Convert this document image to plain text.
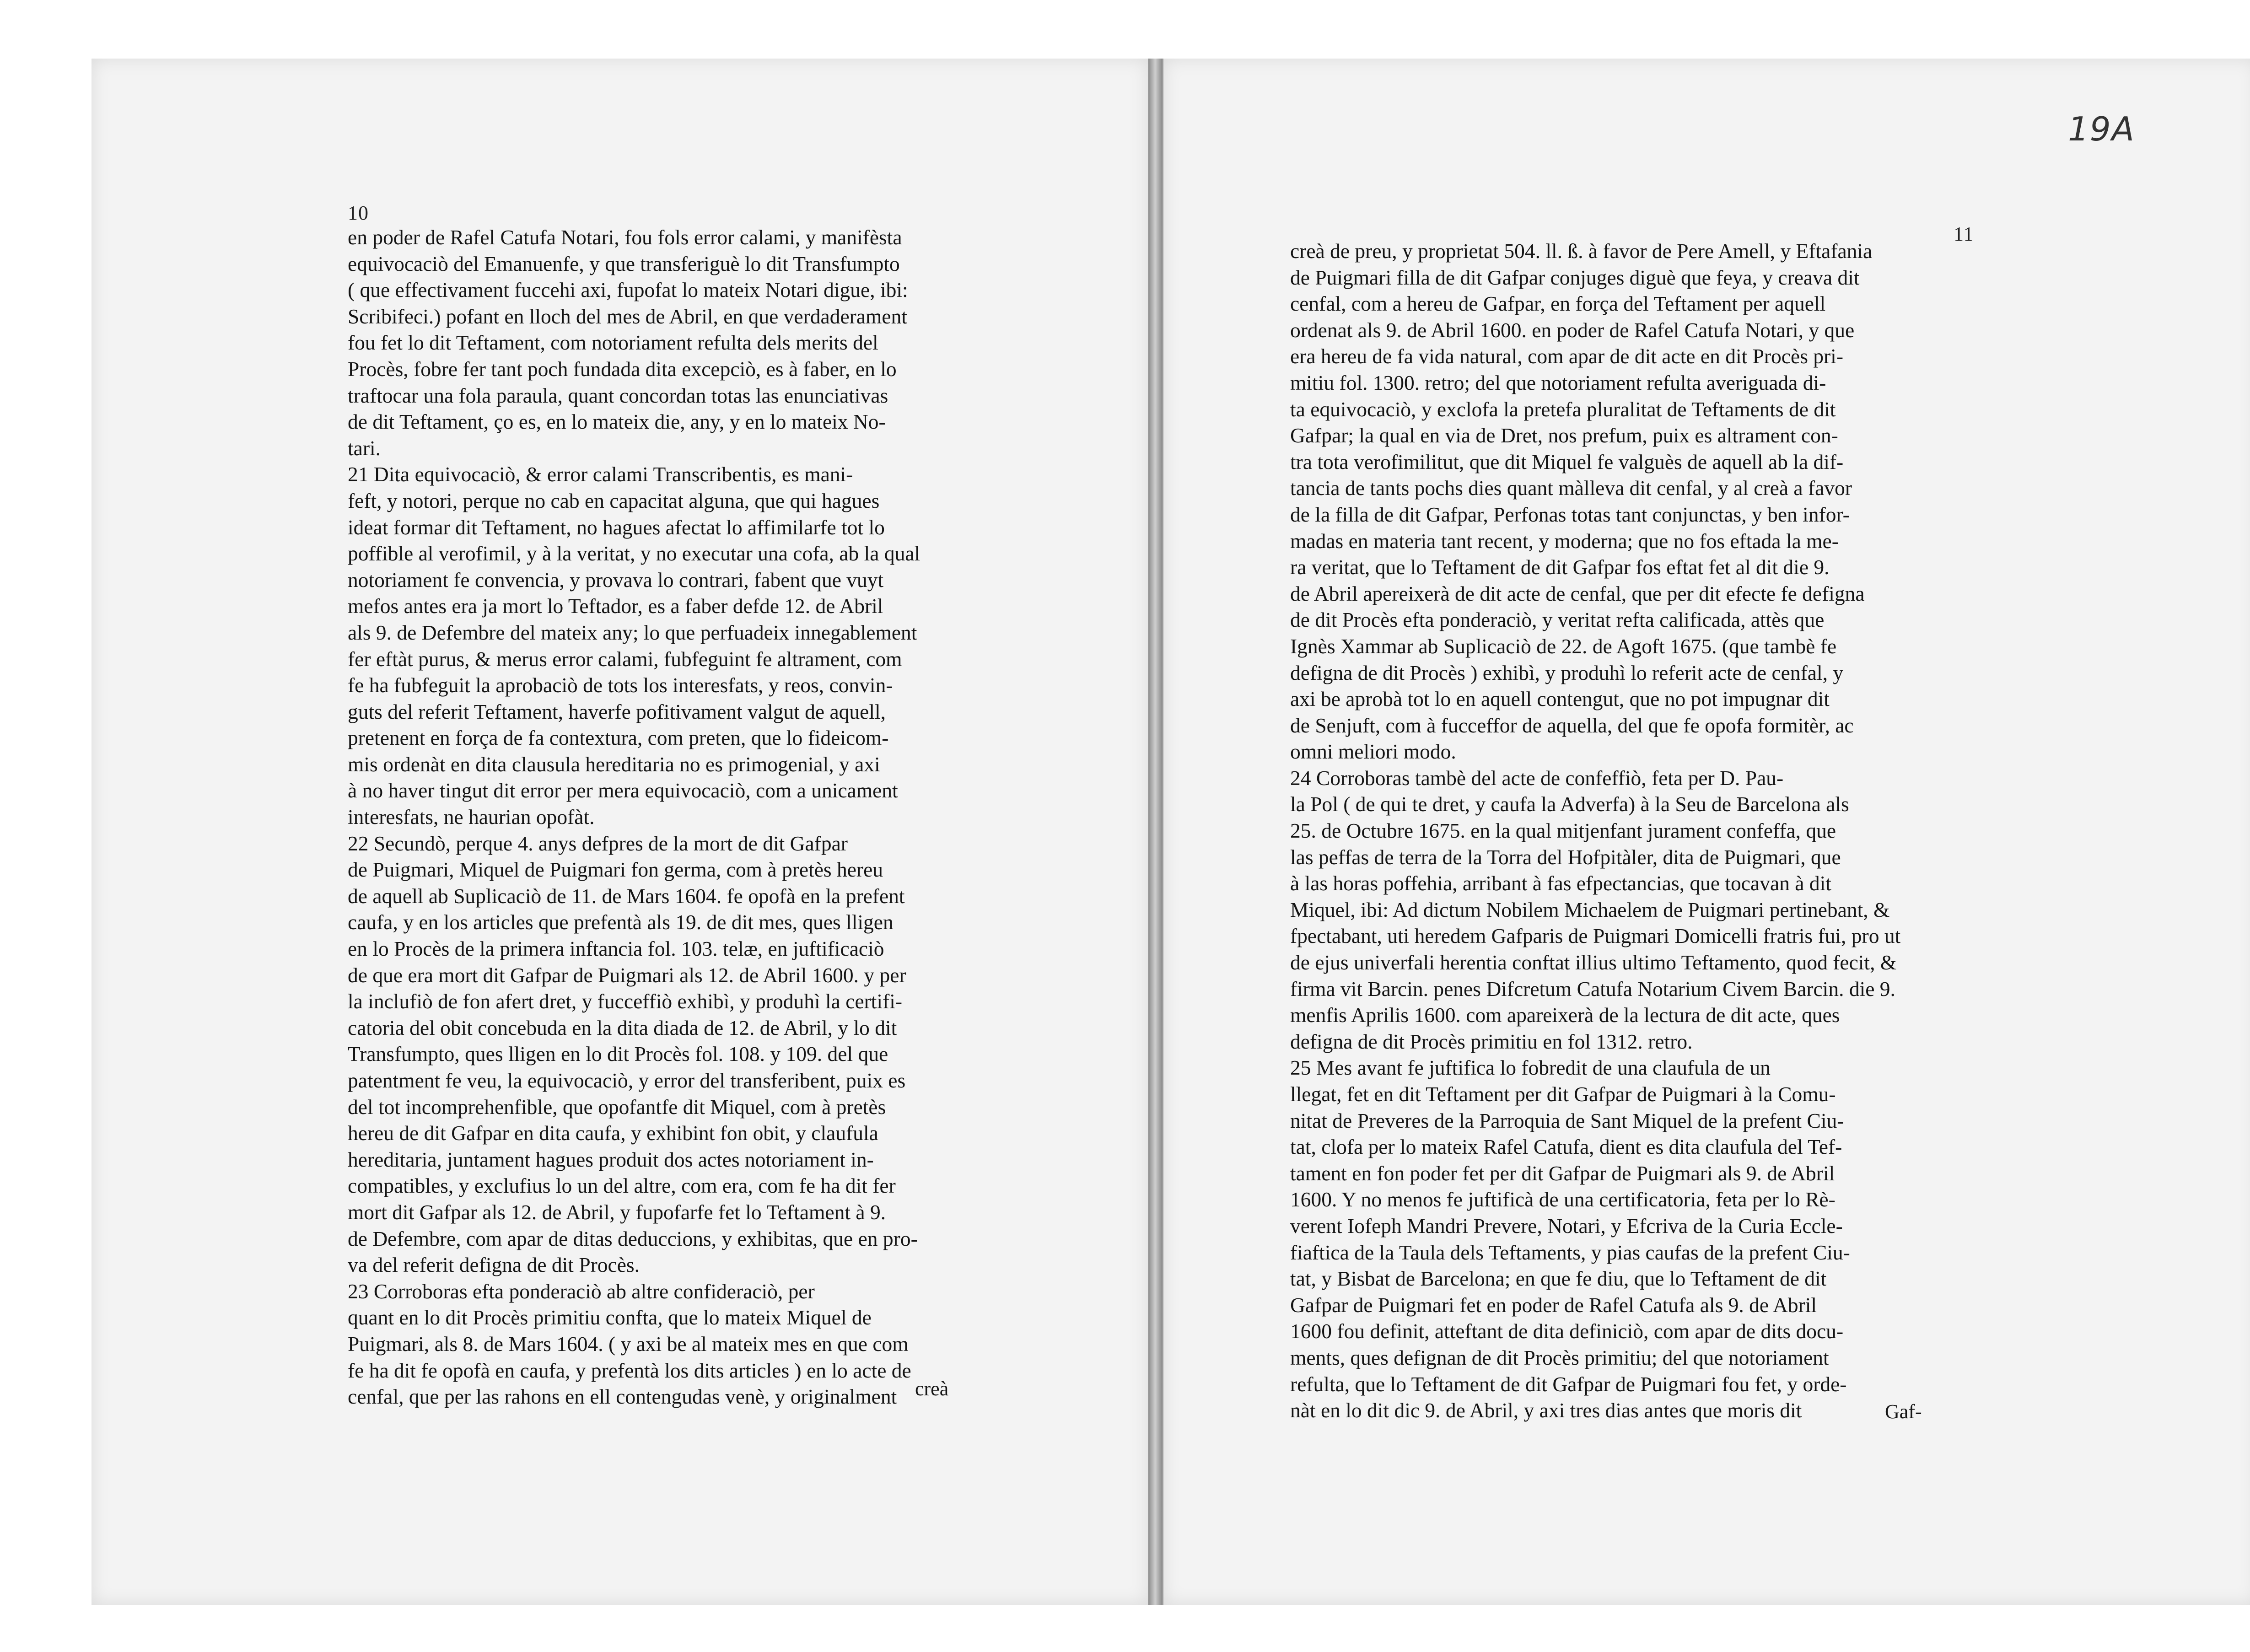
19A
10
11
en poder de Rafel Catufa Notari, fou fols error calami, y manifèsta
equivocaciò del Emanuenfe, y que transferiguè lo dit Transfumpto
( que effectivament fuccehi axi, fupofat lo mateix Notari digue, ibi:
Scribifeci.) pofant en lloch del mes de Abril, en que verdaderament
fou fet lo dit Teftament, com notoriament refulta dels merits del
Procès, fobre fer tant poch fundada dita excepciò, es à faber, en lo
traftocar una fola paraula, quant concordan totas las enunciativas
de dit Teftament, ço es, en lo mateix die, any, y en lo mateix No-
tari.
21 Dita equivocaciò, & error calami Transcribentis, es mani-
feft, y notori, perque no cab en capacitat alguna, que qui hagues
ideat formar dit Teftament, no hagues afectat lo affimilarfe tot lo
poffible al verofimil, y à la veritat, y no executar una cofa, ab la qual
notoriament fe convencia, y provava lo contrari, fabent que vuyt
mefos antes era ja mort lo Teftador, es a faber defde 12. de Abril
als 9. de Defembre del mateix any; lo que perfuadeix innegablement
fer eftàt purus, & merus error calami, fubfeguint fe altrament, com
fe ha fubfeguit la aprobaciò de tots los interesfats, y reos, convin-
guts del referit Teftament, haverfe pofitivament valgut de aquell,
pretenent en força de fa contextura, com preten, que lo fideicom-
mis ordenàt en dita clausula hereditaria no es primogenial, y axi
à no haver tingut dit error per mera equivocaciò, com a unicament
interesfats, ne haurian opofàt.
22 Secundò, perque 4. anys defpres de la mort de dit Gafpar
de Puigmari, Miquel de Puigmari fon germa, com à pretès hereu
de aquell ab Suplicaciò de 11. de Mars 1604. fe opofà en la prefent
caufa, y en los articles que prefentà als 19. de dit mes, ques lligen
en lo Procès de la primera inftancia fol. 103. telæ, en juftificaciò
de que era mort dit Gafpar de Puigmari als 12. de Abril 1600. y per
la inclufiò de fon afert dret, y fucceffiò exhibì, y produhì la certifi-
catoria del obit concebuda en la dita diada de 12. de Abril, y lo dit
Transfumpto, ques lligen en lo dit Procès fol. 108. y 109. del que
patentment fe veu, la equivocaciò, y error del transferibent, puix es
del tot incomprehenfible, que opofantfe dit Miquel, com à pretès
hereu de dit Gafpar en dita caufa, y exhibint fon obit, y claufula
hereditaria, juntament hagues produit dos actes notoriament in-
compatibles, y exclufius lo un del altre, com era, com fe ha dit fer
mort dit Gafpar als 12. de Abril, y fupofarfe fet lo Teftament à 9.
de Defembre, com apar de ditas deduccions, y exhibitas, que en pro-
va del referit defigna de dit Procès.
23 Corroboras efta ponderaciò ab altre confideraciò, per
quant en lo dit Procès primitiu confta, que lo mateix Miquel de
Puigmari, als 8. de Mars 1604. ( y axi be al mateix mes en que com
fe ha dit fe opofà en caufa, y prefentà los dits articles ) en lo acte de
cenfal, que per las rahons en ell contengudas venè, y originalment creà
creà de preu, y proprietat 504. ll. ß. à favor de Pere Amell, y Eftafania
de Puigmari filla de dit Gafpar conjuges diguè que feya, y creava dit
cenfal, com a hereu de Gafpar, en força del Teftament per aquell
ordenat als 9. de Abril 1600. en poder de Rafel Catufa Notari, y que
era hereu de fa vida natural, com apar de dit acte en dit Procès pri-
mitiu fol. 1300. retro; del que notoriament refulta averiguada di-
ta equivocaciò, y exclofa la pretefa pluralitat de Teftaments de dit
Gafpar; la qual en via de Dret, nos prefum, puix es altrament con-
tra tota verofimilitut, que dit Miquel fe valguès de aquell ab la dif-
tancia de tants pochs dies quant màlleva dit cenfal, y al creà a favor
de la filla de dit Gafpar, Perfonas totas tant conjunctas, y ben infor-
madas en materia tant recent, y moderna; que no fos eftada la me-
ra veritat, que lo Teftament de dit Gafpar fos eftat fet al dit die 9.
de Abril apereixerà de dit acte de cenfal, que per dit efecte fe defigna
de dit Procès efta ponderaciò, y veritat refta calificada, attès que
Ignès Xammar ab Suplicaciò de 22. de Agoft 1675. (que tambè fe
defigna de dit Procès ) exhibì, y produhì lo referit acte de cenfal, y
axi be aprobà tot lo en aquell contengut, que no pot impugnar dit
de Senjuft, com à fucceffor de aquella, del que fe opofa formitèr, ac
omni meliori modo.
24 Corroboras tambè del acte de confeffiò, feta per D. Pau-
la Pol ( de qui te dret, y caufa la Adverfa) à la Seu de Barcelona als
25. de Octubre 1675. en la qual mitjenfant jurament confeffa, que
las peffas de terra de la Torra del Hofpitàler, dita de Puigmari, que
à las horas poffehia, arribant à fas efpectancias, que tocavan à dit
Miquel, ibi: Ad dictum Nobilem Michaelem de Puigmari pertinebant, &
fpectabant, uti heredem Gafparis de Puigmari Domicelli fratris fui, pro ut
de ejus univerfali herentia conftat illius ultimo Teftamento, quod fecit, &
firma vit Barcin. penes Difcretum Catufa Notarium Civem Barcin. die 9.
menfis Aprilis 1600. com apareixerà de la lectura de dit acte, ques
defigna de dit Procès primitiu en fol 1312. retro.
25 Mes avant fe juftifica lo fobredit de una claufula de un
llegat, fet en dit Teftament per dit Gafpar de Puigmari à la Comu-
nitat de Preveres de la Parroquia de Sant Miquel de la prefent Ciu-
tat, clofa per lo mateix Rafel Catufa, dient es dita claufula del Tef-
tament en fon poder fet per dit Gafpar de Puigmari als 9. de Abril
1600. Y no menos fe juftificà de una certificatoria, feta per lo Rè-
verent Iofeph Mandri Prevere, Notari, y Efcriva de la Curia Eccle-
fiaftica de la Taula dels Teftaments, y pias caufas de la prefent Ciu-
tat, y Bisbat de Barcelona; en que fe diu, que lo Teftament de dit
Gafpar de Puigmari fet en poder de Rafel Catufa als 9. de Abril
1600 fou definit, atteftant de dita definiciò, com apar de dits docu-
ments, ques defignan de dit Procès primitiu; del que notoriament
refulta, que lo Teftament de dit Gafpar de Puigmari fou fet, y orde-
nàt en lo dit dic 9. de Abril, y axi tres dias antes que moris dit	Gaf-
